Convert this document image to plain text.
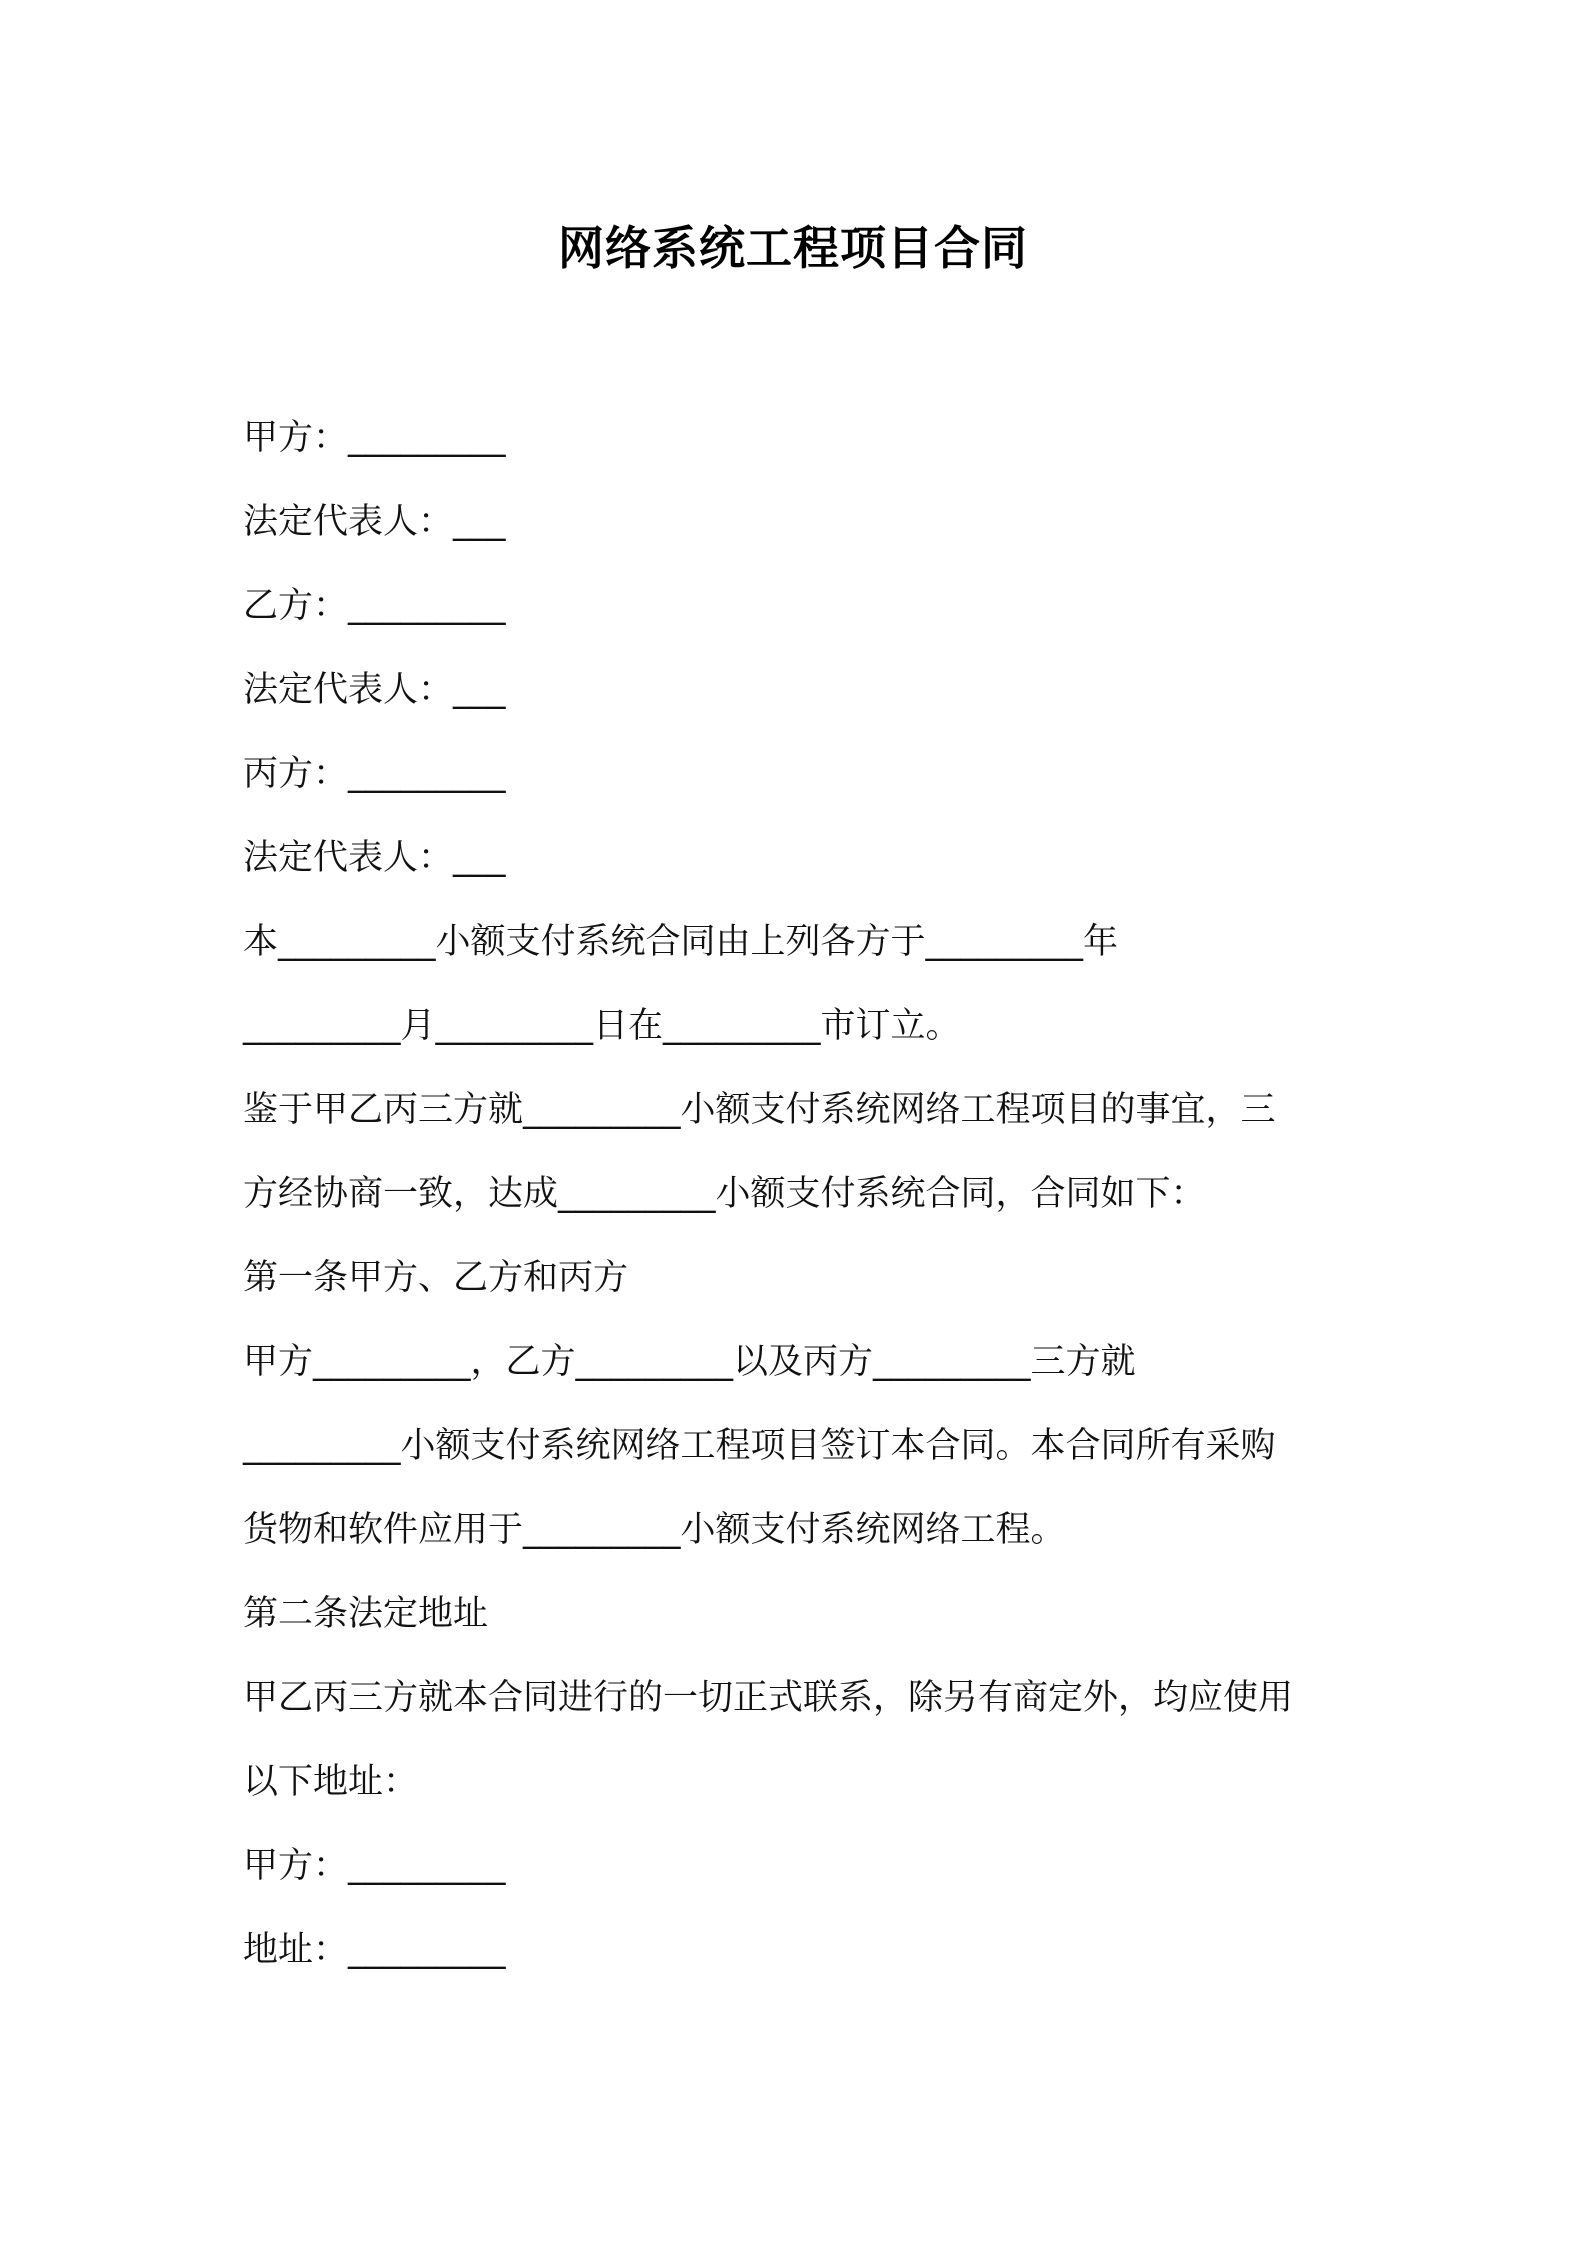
网络系统工程项目合同
甲方：_________
法定代表人：___
乙方：_________
法定代表人：___
丙方：_________
法定代表人：___
本_________小额支付系统合同由上列各方于_________年
_________月_________日在_________市订立。
鉴于甲乙丙三方就_________小额支付系统网络工程项目的事宜，三
方经协商一致，达成_________小额支付系统合同，合同如下：
第一条甲方、乙方和丙方
甲方_________，乙方_________以及丙方_________三方就
_________小额支付系统网络工程项目签订本合同。本合同所有采购
货物和软件应用于_________小额支付系统网络工程。
第二条法定地址
甲乙丙三方就本合同进行的一切正式联系，除另有商定外，均应使用
以下地址：
甲方：_________
地址：_________
